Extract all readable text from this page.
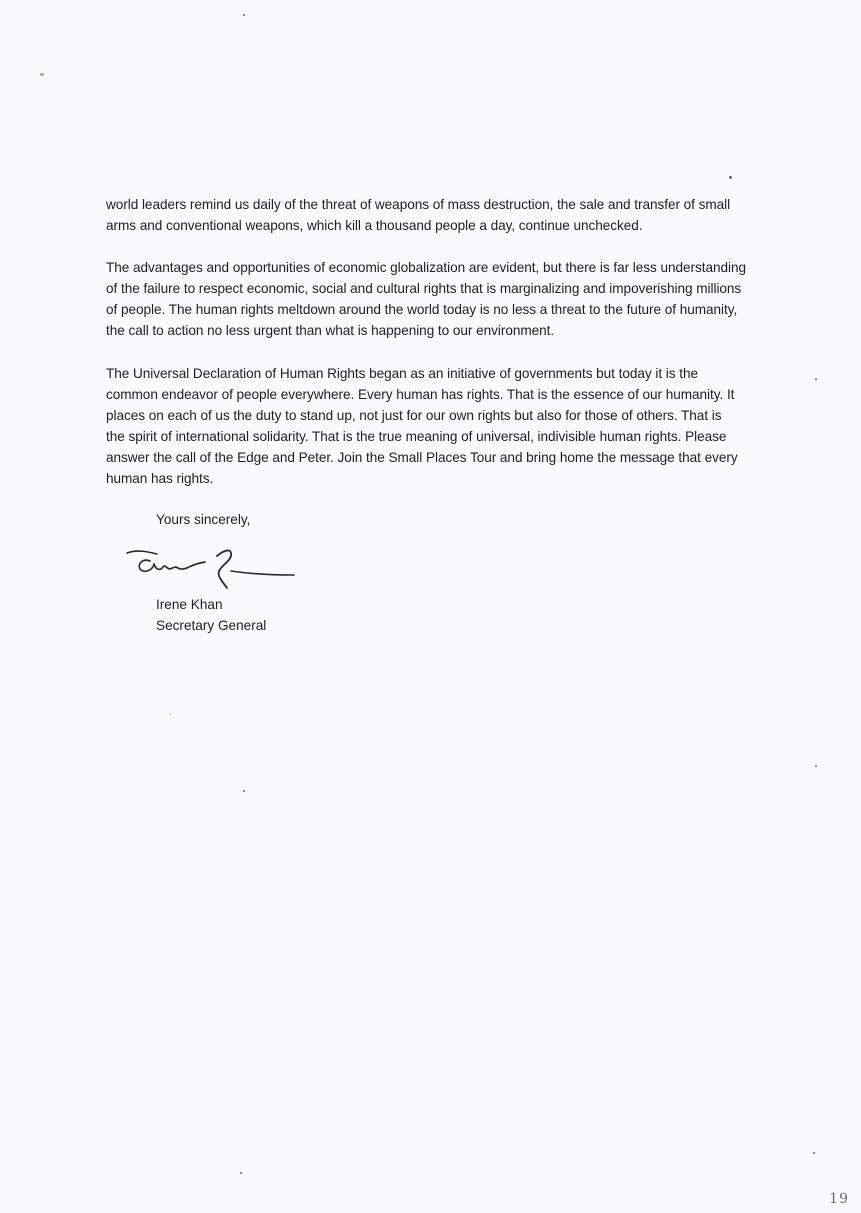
world leaders remind us daily of the threat of weapons of mass destruction, the sale and transfer of small
arms and conventional weapons, which kill a thousand people a day, continue unchecked.

The advantages and opportunities of economic globalization are evident, but there is far less understanding
of the failure to respect economic, social and cultural rights that is marginalizing and impoverishing millions
of people. The human rights meltdown around the world today is no less a threat to the future of humanity,
the call to action no less urgent than what is happening to our environment.

The Universal Declaration of Human Rights began as an initiative of governments but today it is the
common endeavor of people everywhere. Every human has rights. That is the essence of our humanity. It
places on each of us the duty to stand up, not just for our own rights but also for those of others. That is
the spirit of international solidarity. That is the true meaning of universal, indivisible human rights. Please
answer the call of the Edge and Peter. Join the Small Places Tour and bring home the message that every
human has rights.

Yours sincerely,

Irene Khan

Secretary General

19
